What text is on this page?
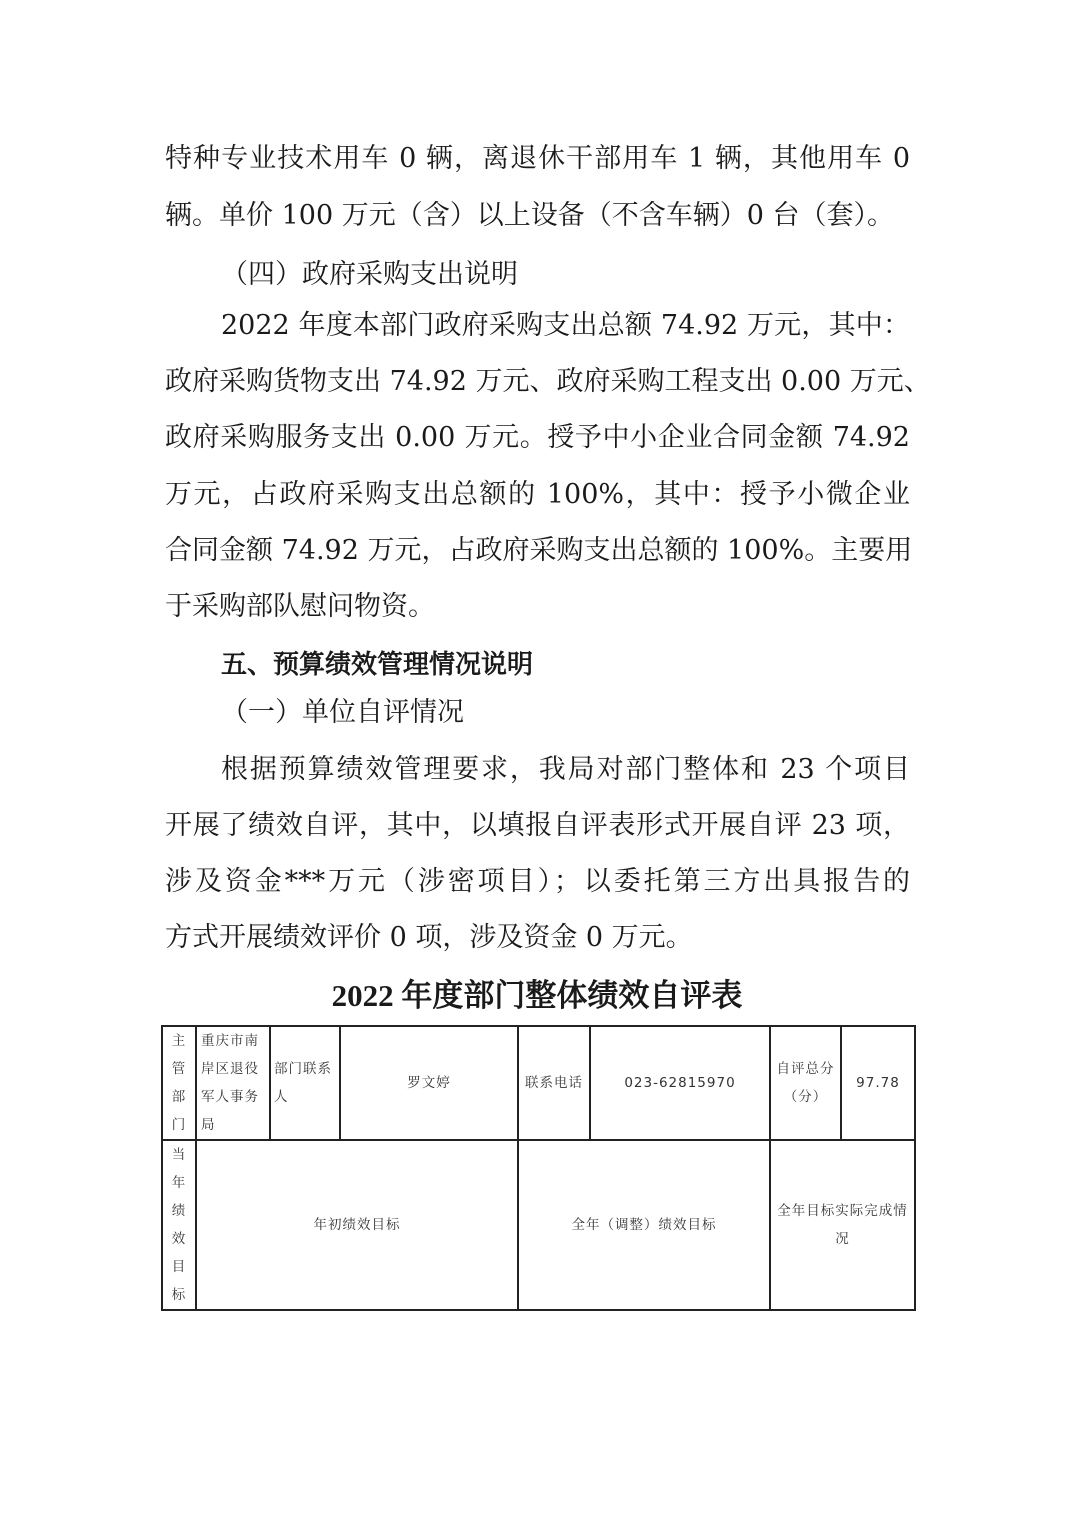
特种专业技术用车 0 辆，离退休干部用车 1 辆，其他用车 0
辆。单价 100 万元（含）以上设备（不含车辆）0 台（套）。
（四）政府采购支出说明
2022 年度本部门政府采购支出总额 74.92 万元，其中：
政府采购货物支出 74.92 万元、政府采购工程支出 0.00 万元、
政府采购服务支出 0.00 万元。授予中小企业合同金额 74.92
万元，占政府采购支出总额的 100%，其中：授予小微企业
合同金额 74.92 万元，占政府采购支出总额的 100%。主要用
于采购部队慰问物资。
五、预算绩效管理情况说明
（一）单位自评情况
根据预算绩效管理要求，我局对部门整体和 23 个项目
开展了绩效自评，其中，以填报自评表形式开展自评 23 项，
涉及资金***万元（涉密项目）；以委托第三方出具报告的
方式开展绩效评价 0 项，涉及资金 0 万元。
2022 年度部门整体绩效自评表
主管部门	重庆市南岸区退役军人事务局	部门联系人	罗文婷	联系电话	023-62815970	自评总分（分）	97.78

当年绩效目标	年初绩效目标			全年（调整）绩效目标		全年目标实际完成情况	
